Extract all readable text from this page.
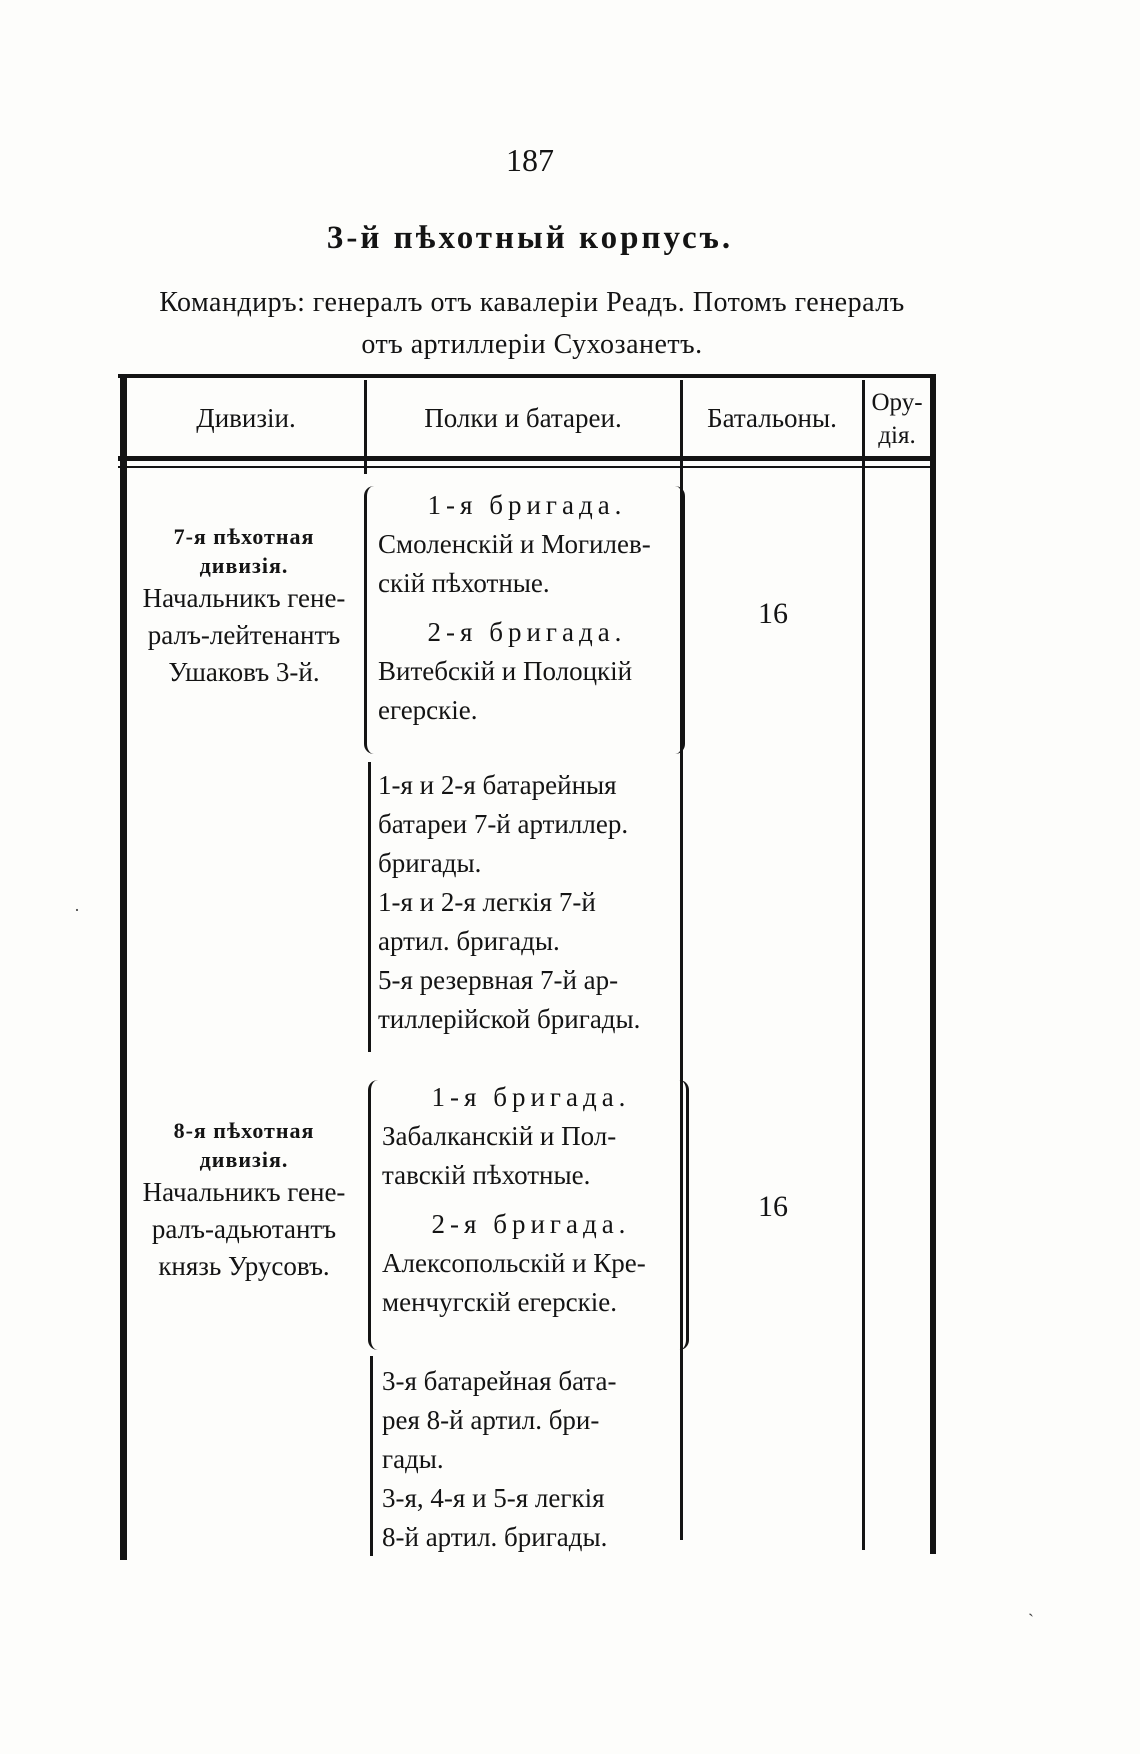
187
3-й пѣхотный корпусъ.
Командиръ: генералъ отъ кавалеріи Реадъ. Потомъ генералъ
отъ артиллеріи Сухозанетъ.
Дивизіи.	Полки и батареи.	Батальоны.
Ору-
дія.
7-я пѣхотная
дивизія.
Начальникъ гене-
ралъ-лейтенантъ
Ушаковъ 3-й.
1-я бригада.
Смоленскій и Могилев-
скій пѣхотные.
2-я бригада.
Витебскій и Полоцкій
егерскіе.
16
1-я и 2-я батарейныя
батареи 7-й артиллер.
бригады.
1-я и 2-я легкія 7-й
артил. бригады.
5-я резервная 7-й ар-
тиллерійской бригады.
8-я пѣхотная
дивизія.
Начальникъ гене-
ралъ-адьютантъ
князь Урусовъ.
1-я бригада.
Забалканскій и Пол-
тавскій пѣхотные.
2-я бригада.
Алексопольскій и Кре-
менчугскій егерскіе.
16
3-я батарейная бата-
рея 8-й артил. бри-
гады.
3-я, 4-я и 5-я легкія
8-й артил. бригады.
·
˴
